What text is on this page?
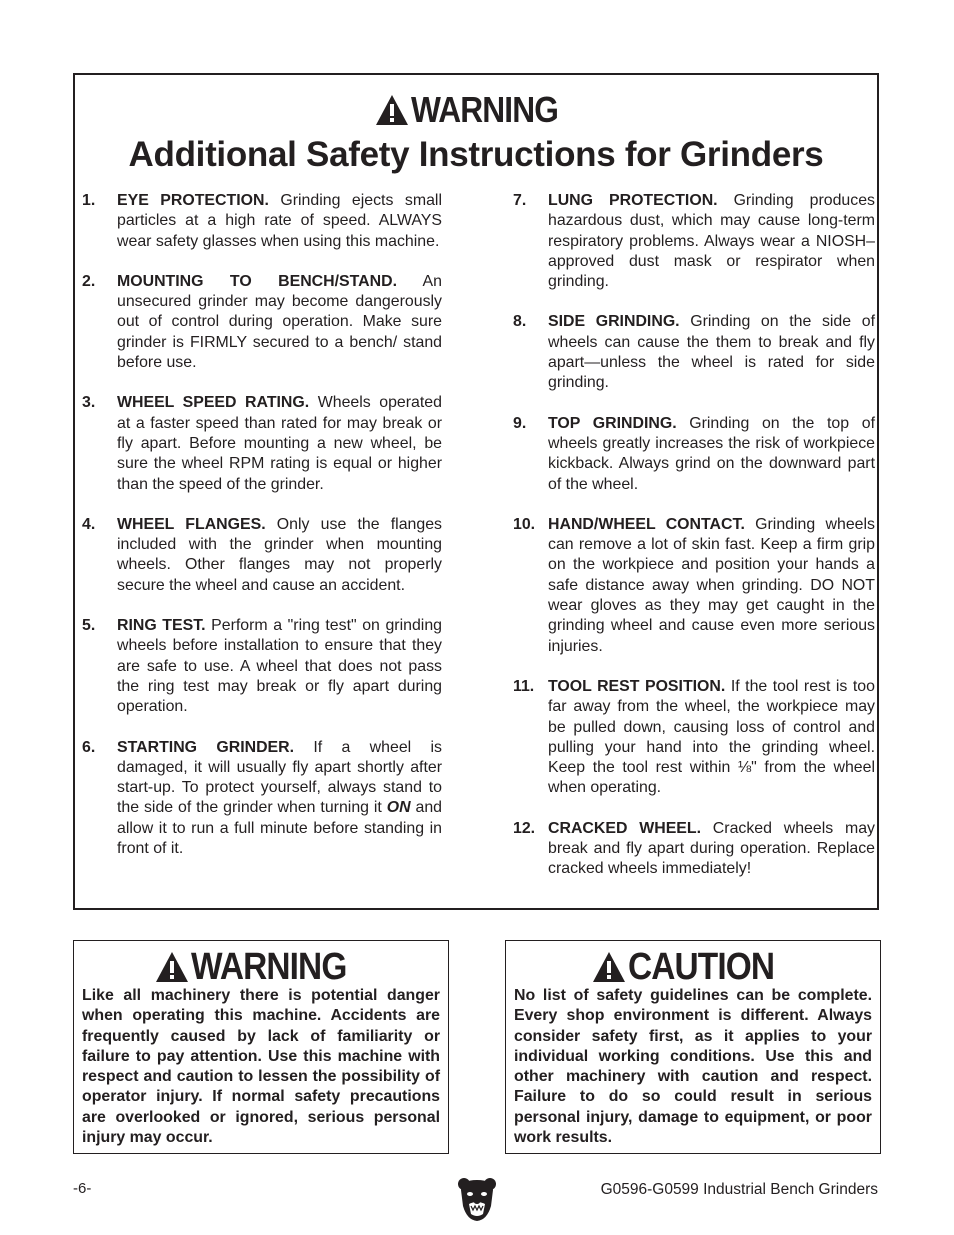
WARNING
Additional Safety Instructions for Grinders
1. EYE PROTECTION. Grinding ejects small particles at a high rate of speed. ALWAYS wear safety glasses when using this machine.
2. MOUNTING TO BENCH/STAND. An unsecured grinder may become dangerously out of control during operation. Make sure grinder is FIRMLY secured to a bench/ stand before use.
3. WHEEL SPEED RATING. Wheels operated at a faster speed than rated for may break or fly apart. Before mounting a new wheel, be sure the wheel RPM rating is equal or higher than the speed of the grinder.
4. WHEEL FLANGES. Only use the flanges included with the grinder when mounting wheels. Other flanges may not properly secure the wheel and cause an accident.
5. RING TEST. Perform a "ring test" on grinding wheels before installation to ensure that they are safe to use. A wheel that does not pass the ring test may break or fly apart during operation.
6. STARTING GRINDER. If a wheel is damaged, it will usually fly apart shortly after start-up. To protect yourself, always stand to the side of the grinder when turning it ON and allow it to run a full minute before standing in front of it.
7. LUNG PROTECTION. Grinding produces hazardous dust, which may cause long-term respiratory problems. Always wear a NIOSH–approved dust mask or respirator when grinding.
8. SIDE GRINDING. Grinding on the side of wheels can cause the them to break and fly apart—unless the wheel is rated for side grinding.
9. TOP GRINDING. Grinding on the top of wheels greatly increases the risk of workpiece kickback. Always grind on the downward part of the wheel.
10. HAND/WHEEL CONTACT. Grinding wheels can remove a lot of skin fast. Keep a firm grip on the workpiece and position your hands a safe distance away when grinding. DO NOT wear gloves as they may get caught in the grinding wheel and cause even more serious injuries.
11. TOOL REST POSITION. If the tool rest is too far away from the wheel, the workpiece may be pulled down, causing loss of control and pulling your hand into the grinding wheel. Keep the tool rest within ⅛" from the wheel when operating.
12. CRACKED WHEEL. Cracked wheels may break and fly apart during operation. Replace cracked wheels immediately!
WARNING
Like all machinery there is potential danger when operating this machine. Accidents are frequently caused by lack of familiarity or failure to pay attention. Use this machine with respect and caution to lessen the possibility of operator injury. If normal safety precautions are overlooked or ignored, serious personal injury may occur.
CAUTION
No list of safety guidelines can be complete. Every shop environment is different. Always consider safety first, as it applies to your individual working conditions. Use this and other machinery with caution and respect. Failure to do so could result in serious personal injury, damage to equipment, or poor work results.
-6-	G0596-G0599 Industrial Bench Grinders
